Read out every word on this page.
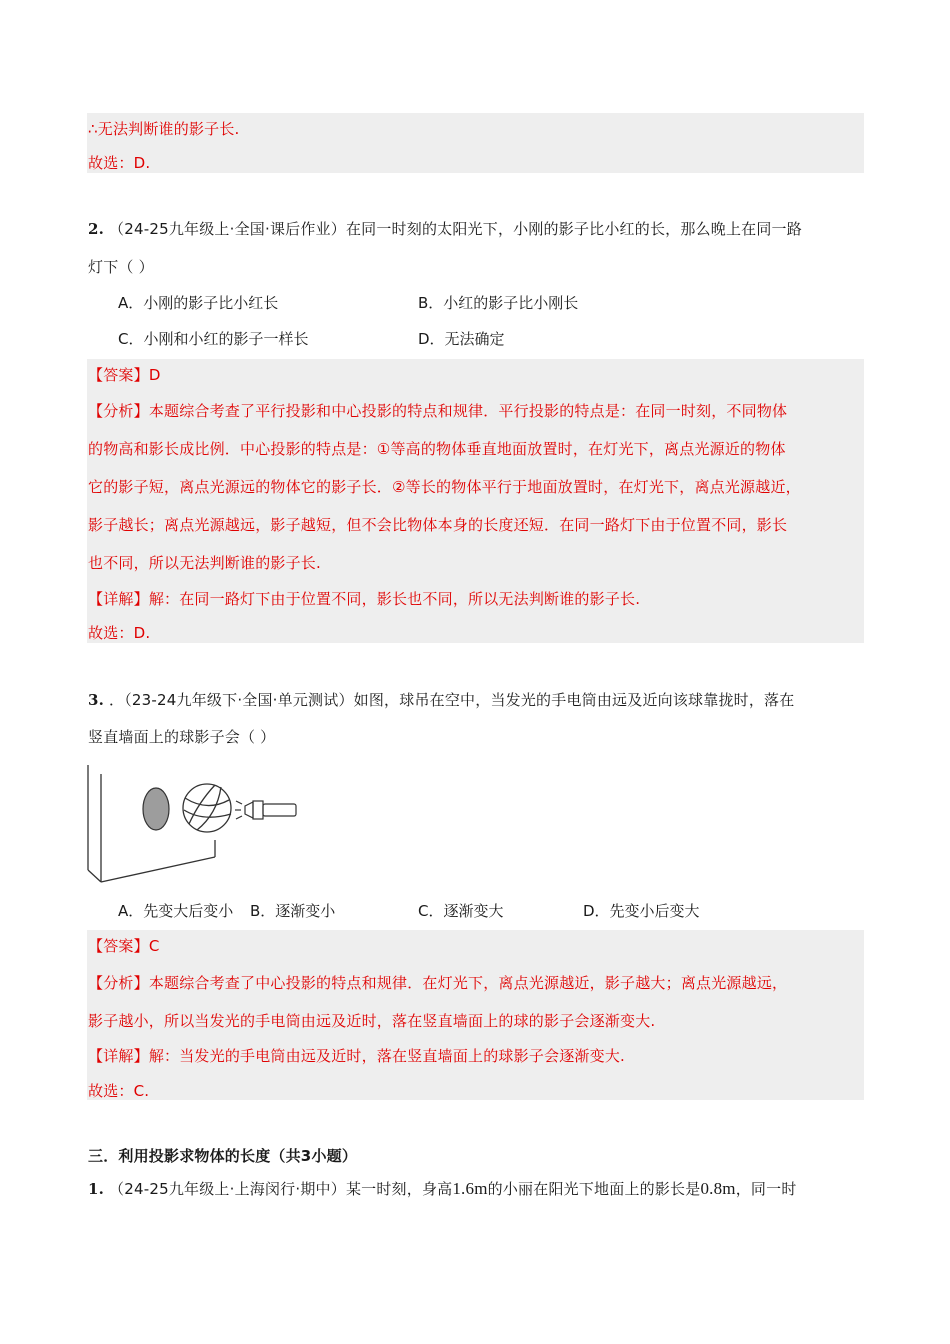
∴无法判断谁的影子长.
故选：D.
2. （24-25九年级上·全国·课后作业）在同一时刻的太阳光下，小刚的影子比小红的长，那么晚上在同一路
灯下（ ）
A．小刚的影子比小红长	B．小红的影子比小刚长
C．小刚和小红的影子一样长	D．无法确定
【答案】D
【分析】本题综合考查了平行投影和中心投影的特点和规律．平行投影的特点是：在同一时刻，不同物体
的物高和影长成比例．中心投影的特点是：①等高的物体垂直地面放置时，在灯光下，离点光源近的物体
它的影子短，离点光源远的物体它的影子长．②等长的物体平行于地面放置时，在灯光下，离点光源越近，
影子越长；离点光源越远，影子越短，但不会比物体本身的长度还短．在同一路灯下由于位置不同，影长
也不同，所以无法判断谁的影子长.
【详解】解：在同一路灯下由于位置不同，影长也不同，所以无法判断谁的影子长.
故选：D.
3. ．（23-24九年级下·全国·单元测试）如图，球吊在空中，当发光的手电筒由远及近向该球靠拢时，落在
竖直墙面上的球影子会（ ）
A．先变大后变小 B．逐渐变小	C．逐渐变大	D．先变小后变大
【答案】C
【分析】本题综合考查了中心投影的特点和规律．在灯光下，离点光源越近，影子越大；离点光源越远，
影子越小，所以当发光的手电筒由远及近时，落在竖直墙面上的球的影子会逐渐变大.
【详解】解：当发光的手电筒由远及近时，落在竖直墙面上的球影子会逐渐变大.
故选：C.
三．利用投影求物体的长度（共3小题）
1. （24-25九年级上·上海闵行·期中）某一时刻，身高1.6m的小丽在阳光下地面上的影长是0.8m，同一时
